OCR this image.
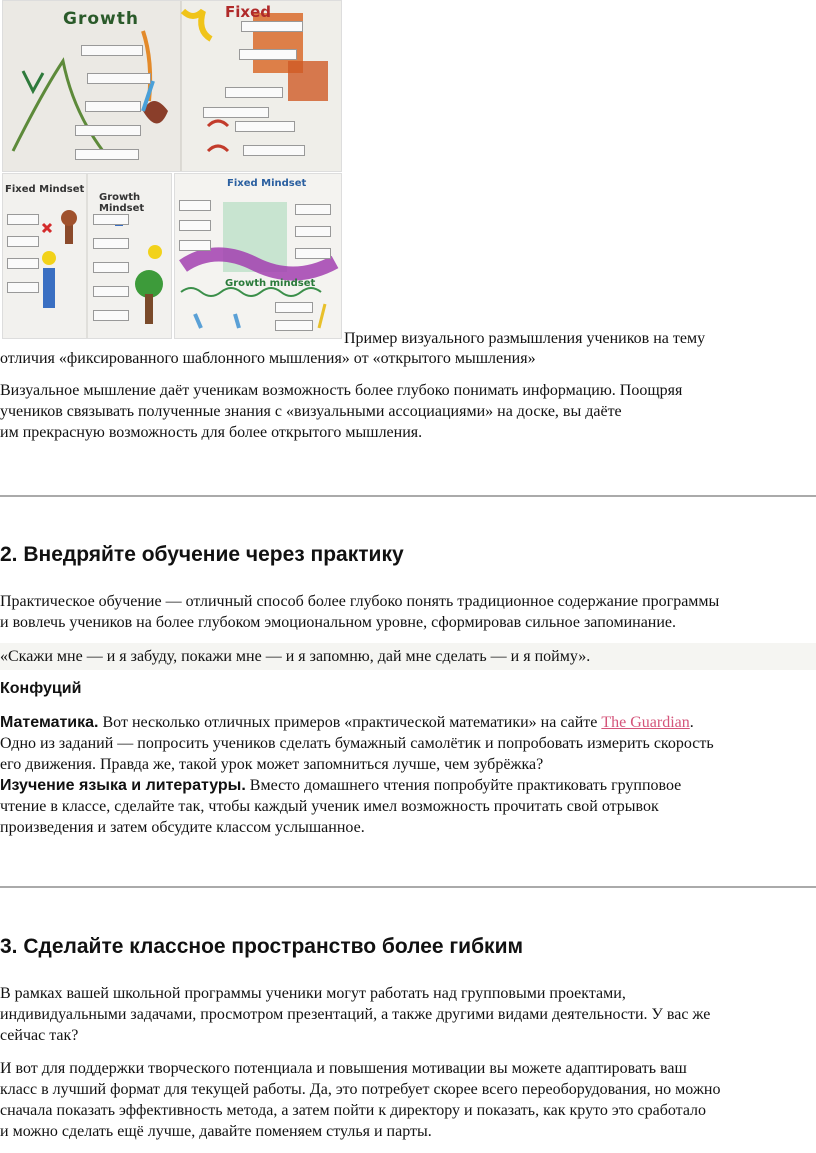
Growth	Fixed
Fixed Mindset
Growth Mindset
Fixed Mindset
Growth mindset

Пример визуального размышления учеников на тему

отличия «фиксированного шаблонного мышления» от «открытого мышления»

Визуальное мышление даёт ученикам возможность более глубоко понимать информацию. Поощряя

учеников связывать полученные знания с «визуальными ассоциациями» на доске, вы даёте

им прекрасную возможность для более открытого мышления.

2. Внедряйте обучение через практику

Практическое обучение — отличный способ более глубоко понять традиционное содержание программы

и вовлечь учеников на более глубоком эмоциональном уровне, сформировав сильное запоминание.

«Скажи мне — и я забуду, покажи мне — и я запомню, дай мне сделать — и я пойму».

Конфуций

Математика. Вот несколько отличных примеров «практической математики» на сайте The Guardian.

Одно из заданий — попросить учеников сделать бумажный самолётик и попробовать измерить скорость

его движения. Правда же, такой урок может запомниться лучше, чем зубрёжка?

Изучение языка и литературы. Вместо домашнего чтения попробуйте практиковать групповое

чтение в классе, сделайте так, чтобы каждый ученик имел возможность прочитать свой отрывок

произведения и затем обсудите классом услышанное.

3. Сделайте классное пространство более гибким

В рамках вашей школьной программы ученики могут работать над групповыми проектами,

индивидуальными задачами, просмотром презентаций, а также другими видами деятельности. У вас же

сейчас так?

И вот для поддержки творческого потенциала и повышения мотивации вы можете адаптировать ваш

класс в лучший формат для текущей работы. Да, это потребует скорее всего переоборудования, но можно

сначала показать эффективность метода, а затем пойти к директору и показать, как круто это сработало

и можно сделать ещё лучше, давайте поменяем стулья и парты.
